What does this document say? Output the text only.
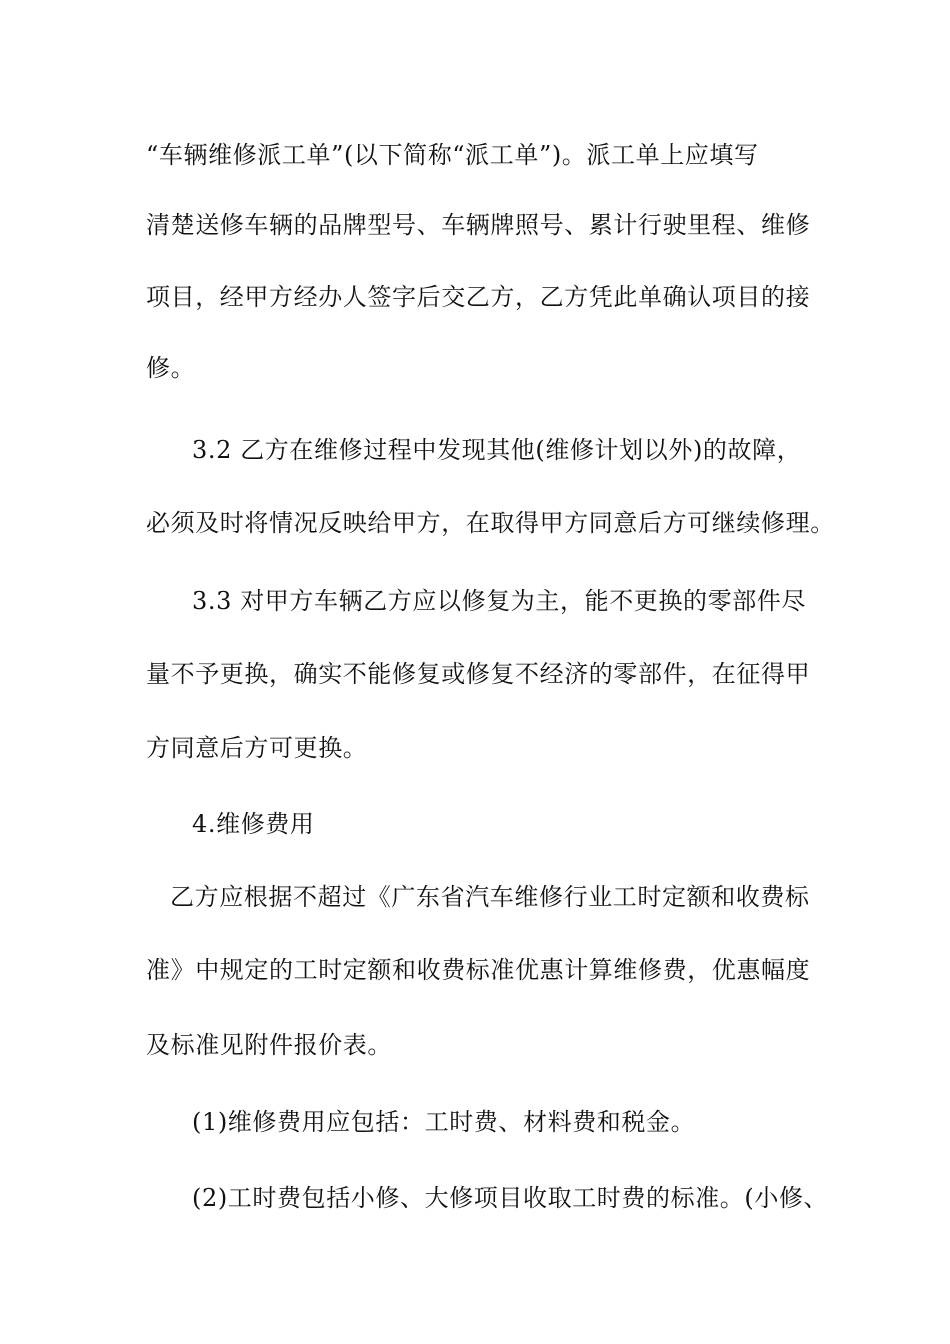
“车辆维修派工单”(以下简称“派工单”)。派工单上应填写
清楚送修车辆的品牌型号、车辆牌照号、累计行驶里程、维修
项目，经甲方经办人签字后交乙方，乙方凭此单确认项目的接
修。
3.2 乙方在维修过程中发现其他(维修计划以外)的故障，
必须及时将情况反映给甲方，在取得甲方同意后方可继续修理。
3.3 对甲方车辆乙方应以修复为主，能不更换的零部件尽
量不予更换，确实不能修复或修复不经济的零部件，在征得甲
方同意后方可更换。
4.维修费用
乙方应根据不超过《广东省汽车维修行业工时定额和收费标
准》中规定的工时定额和收费标准优惠计算维修费，优惠幅度
及标准见附件报价表。
(1)维修费用应包括：工时费、材料费和税金。
(2)工时费包括小修、大修项目收取工时费的标准。(小修、
